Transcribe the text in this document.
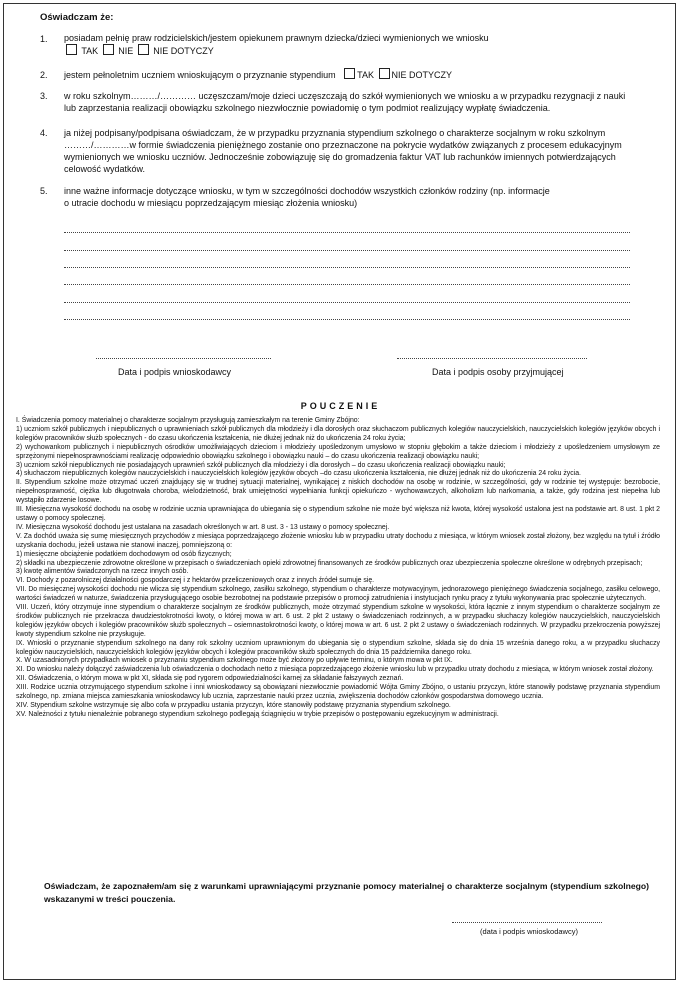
Oświadczam że:
1. posiadam pełnię praw rodzicielskich/jestem opiekunem prawnym dziecka/dzieci wymienionych we wniosku
TAK NIE NIE DOTYCZY
2. jestem pełnoletnim uczniem wnioskującym o przyznanie stypendium TAK NIE DOTYCZY
3. w roku szkolnym………/………… uczęszczam/moje dzieci uczęszczają do szkół wymienionych we wniosku a w przypadku rezygnacji z nauki
lub zaprzestania realizacji obowiązku szkolnego niezwłocznie powiadomię o tym podmiot realizujący wypłatę świadczenia.
4. ja niżej podpisany/podpisana oświadczam, że w przypadku przyznania stypendium szkolnego o charakterze socjalnym w roku szkolnym
………/…………w formie świadczenia pieniężnego zostanie ono przeznaczone na pokrycie wydatków związanych z procesem edukacyjnym
wymienionych we wniosku uczniów. Jednocześnie zobowiązuję się do gromadzenia faktur VAT lub rachunków imiennych potwierdzających
celowość wydatków.
5. inne ważne informacje dotyczące wniosku, w tym w szczególności dochodów wszystkich członków rodziny (np. informacje
o utracie dochodu w miesiącu poprzedzającym miesiąc złożenia wniosku)
Data i podpis wnioskodawcy	Data i podpis osoby przyjmującej
POUCZENIE

I. Świadczenia pomocy materialnej o charakterze socjalnym przysługują zamieszkałym na terenie Gminy Zbójno:

1) uczniom szkół publicznych i niepublicznych o uprawnieniach szkół publicznych dla młodzieży i dla dorosłych oraz słuchaczom publicznych kolegiów nauczycielskich, nauczycielskich kolegiów języków obcych i kolegiów pracowników służb społecznych - do czasu ukończenia kształcenia, nie dłużej jednak niż do ukończenia 24 roku życia;

2) wychowankom publicznych i niepublicznych ośrodków umożliwiających dzieciom i młodzieży upośledzonym umysłowo w stopniu głębokim a także dzieciom i młodzieży z upośledzeniem umysłowym ze sprzężonymi niepełnosprawnościami realizację odpowiednio obowiązku szkolnego i obowiązku nauki – do czasu ukończenia realizacji obowiązku nauki;

3) uczniom szkół niepublicznych nie posiadających uprawnień szkół publicznych dla młodzieży i dla dorosłych – do czasu ukończenia realizacji obowiązku nauki;

4) słuchaczom niepublicznych kolegiów nauczycielskich i nauczycielskich kolegiów języków obcych –do czasu ukończenia kształcenia, nie dłużej jednak niż do ukończenia 24 roku życia.

II. Stypendium szkolne może otrzymać uczeń znajdujący się w trudnej sytuacji materialnej, wynikającej z niskich dochodów na osobę w rodzinie, w szczególności, gdy w rodzinie tej występuje: bezrobocie, niepełnosprawność, ciężka lub długotrwała choroba, wielodzietność, brak umiejętności wypełniania funkcji opiekuńczo - wychowawczych, alkoholizm lub narkomania, a także, gdy rodzina jest niepełna lub wystąpiło zdarzenie losowe.

III. Miesięczna wysokość dochodu na osobę w rodzinie ucznia uprawniająca do ubiegania się o stypendium szkolne nie może być większa niż kwota, której wysokość ustalona jest na podstawie art. 8 ust. 1 pkt 2 ustawy o pomocy społecznej.

IV. Miesięczna wysokość dochodu jest ustalana na zasadach określonych w art. 8 ust. 3 - 13 ustawy o pomocy społecznej.

V. Za dochód uważa się sumę miesięcznych przychodów z miesiąca poprzedzającego złożenie wniosku lub w przypadku utraty dochodu z miesiąca, w którym wniosek został złożony, bez względu na tytuł i źródło uzyskania dochodu, jeżeli ustawa nie stanowi inaczej, pomniejszoną o:

1) miesięczne obciążenie podatkiem dochodowym od osób fizycznych;

2) składki na ubezpieczenie zdrowotne określone w przepisach o świadczeniach opieki zdrowotnej finansowanych ze środków publicznych oraz ubezpieczenia społeczne określone w odrębnych przepisach;

3) kwotę alimentów świadczonych na rzecz innych osób.

VI. Dochody z pozarolniczej działalności gospodarczej i z hektarów przeliczeniowych oraz z innych źródeł sumuje się.

VII. Do miesięcznej wysokości dochodu nie wlicza się stypendium szkolnego, zasiłku szkolnego, stypendium o charakterze motywacyjnym, jednorazowego pieniężnego świadczenia socjalnego, zasiłku celowego, wartości świadczeń w naturze, świadczenia przysługującego osobie bezrobotnej na podstawie przepisów o promocji zatrudnienia i instytucjach rynku pracy z tytułu wykonywania prac społecznie użytecznych.

VIII. Uczeń, który otrzymuje inne stypendium o charakterze socjalnym ze środków publicznych, może otrzymać stypendium szkolne w wysokości, która łącznie z innym stypendium o charakterze socjalnym ze środków publicznych nie przekracza dwudziestokrotności kwoty, o której mowa w art. 6 ust. 2 pkt 2 ustawy o świadczeniach rodzinnych, a w przypadku słuchaczy kolegiów nauczycielskich, nauczycielskich kolegiów języków obcych i kolegiów pracowników służb społecznych – osiemnastokrotności kwoty, o której mowa w art. 6 ust. 2 pkt 2 ustawy o świadczeniach rodzinnych. W przypadku przekroczenia powyższej kwoty stypendium szkolne nie przysługuje.

IX. Wnioski o przyznanie stypendium szkolnego na dany rok szkolny uczniom uprawnionym do ubiegania się o stypendium szkolne, składa się do dnia 15 września danego roku, a w przypadku słuchaczy kolegiów nauczycielskich, nauczycielskich kolegiów języków obcych i kolegiów pracowników służb społecznych do dnia 15 października danego roku.

X. W uzasadnionych przypadkach wniosek o przyznaniu stypendium szkolnego może być złożony po upływie terminu, o którym mowa w pkt IX.

XI. Do wniosku należy dołączyć zaświadczenia lub oświadczenia o dochodach netto z miesiąca poprzedzającego złożenie wniosku lub w przypadku utraty dochodu z miesiąca, w którym wniosek został złożony.

XII. Oświadczenia, o którym mowa w pkt XI, składa się pod rygorem odpowiedzialności karnej za składanie fałszywych zeznań.

XIII. Rodzice ucznia otrzymującego stypendium szkolne i inni wnioskodawcy są obowiązani niezwłocznie powiadomić Wójta Gminy Zbójno, o ustaniu przyczyn, które stanowiły podstawę przyznania stypendium szkolnego, np. zmiana miejsca zamieszkania wnioskodawcy lub ucznia, zaprzestanie nauki przez ucznia, zwiększenia dochodów członków gospodarstwa domowego ucznia.

XIV. Stypendium szkolne wstrzymuje się albo cofa w przypadku ustania przyczyn, które stanowiły podstawę przyznania stypendium szkolnego.

XV. Należności z tytułu nienależnie pobranego stypendium szkolnego podlegają ściągnięciu w trybie przepisów o postępowaniu egzekucyjnym w administracji.

Oświadczam, że zapoznałem/am się z warunkami uprawniającymi przyznanie pomocy materialnej o charakterze socjalnym (stypendium szkolnego) wskazanymi w treści pouczenia.
(data i podpis wnioskodawcy)
